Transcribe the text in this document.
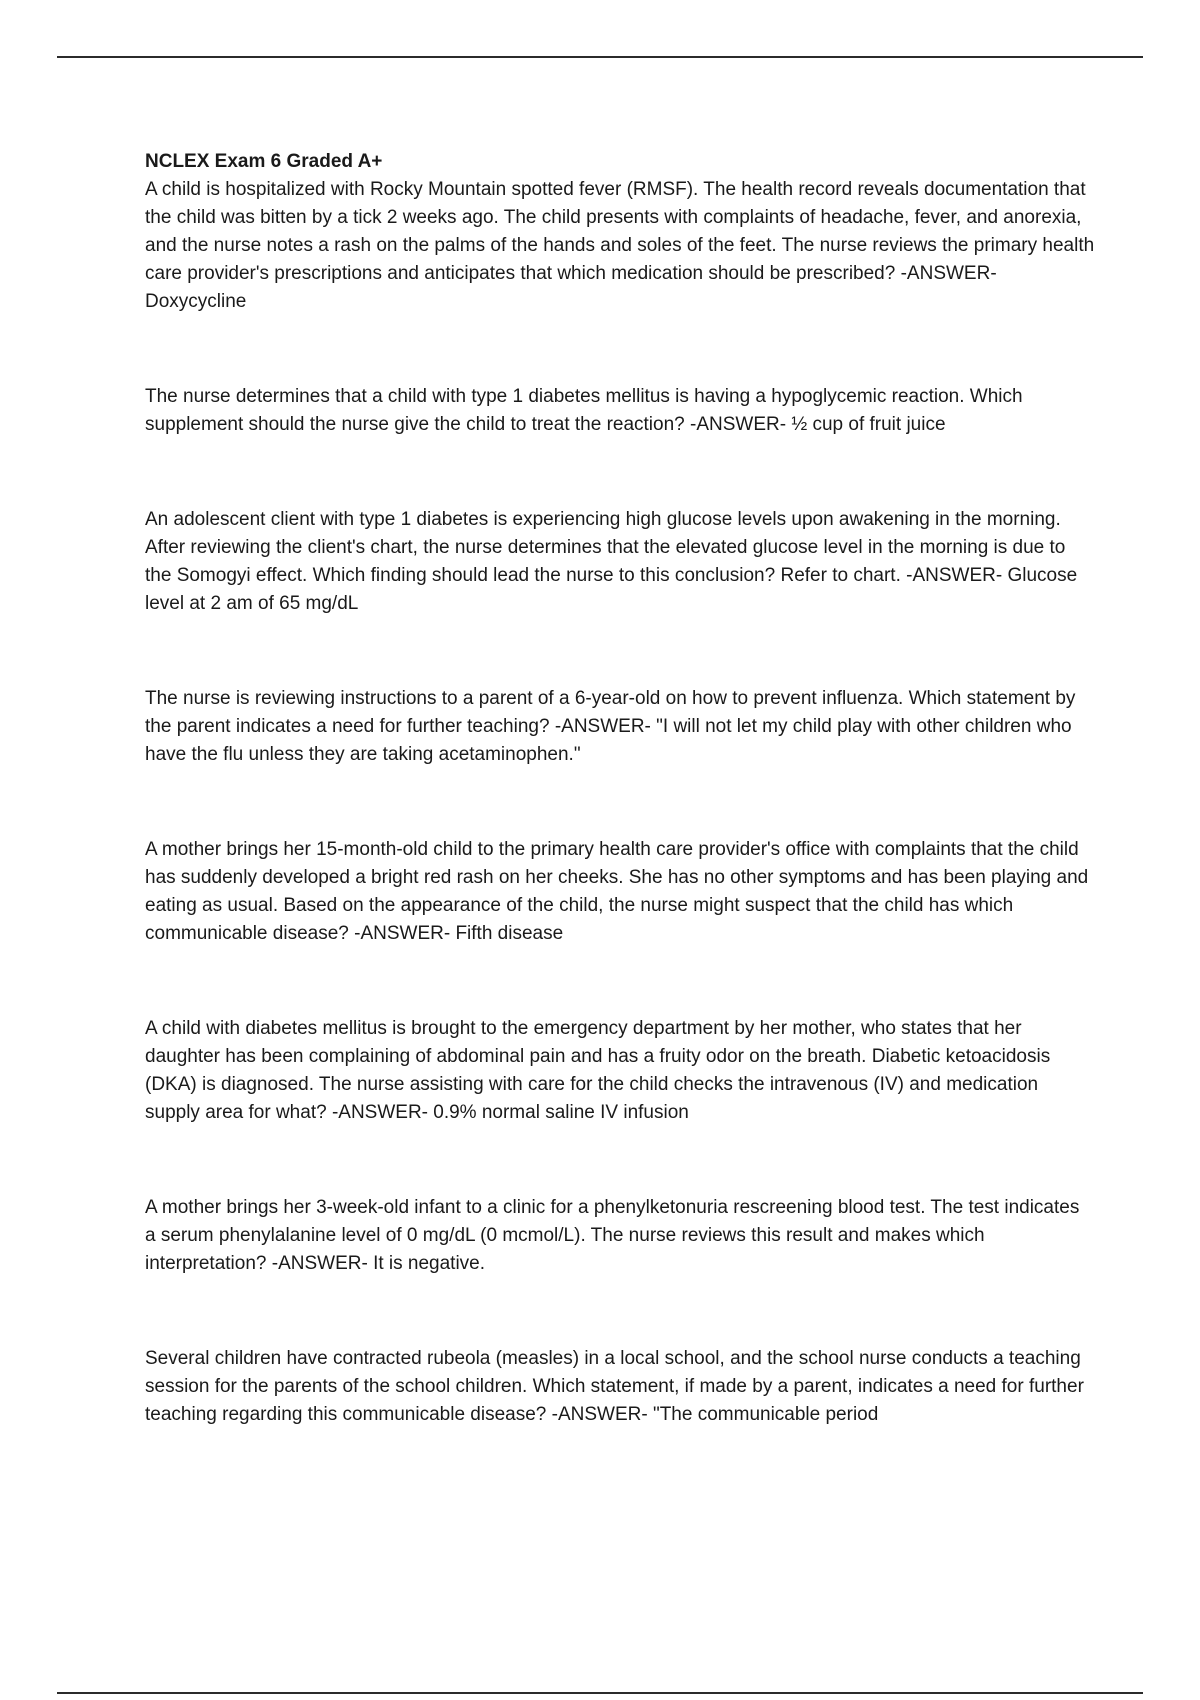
NCLEX Exam 6 Graded A+

A child is hospitalized with Rocky Mountain spotted fever (RMSF). The health record reveals documentation that the child was bitten by a tick 2 weeks ago. The child presents with complaints of headache, fever, and anorexia, and the nurse notes a rash on the palms of the hands and soles of the feet. The nurse reviews the primary health care provider's prescriptions and anticipates that which medication should be prescribed? -ANSWER- Doxycycline

The nurse determines that a child with type 1 diabetes mellitus is having a hypoglycemic reaction. Which supplement should the nurse give the child to treat the reaction? -ANSWER- ½ cup of fruit juice

An adolescent client with type 1 diabetes is experiencing high glucose levels upon awakening in the morning. After reviewing the client's chart, the nurse determines that the elevated glucose level in the morning is due to the Somogyi effect. Which finding should lead the nurse to this conclusion? Refer to chart. -ANSWER- Glucose level at 2 am of 65 mg/dL

The nurse is reviewing instructions to a parent of a 6-year-old on how to prevent influenza. Which statement by the parent indicates a need for further teaching? -ANSWER- "I will not let my child play with other children who have the flu unless they are taking acetaminophen."

A mother brings her 15-month-old child to the primary health care provider's office with complaints that the child has suddenly developed a bright red rash on her cheeks. She has no other symptoms and has been playing and eating as usual. Based on the appearance of the child, the nurse might suspect that the child has which communicable disease? -ANSWER- Fifth disease

A child with diabetes mellitus is brought to the emergency department by her mother, who states that her daughter has been complaining of abdominal pain and has a fruity odor on the breath. Diabetic ketoacidosis (DKA) is diagnosed. The nurse assisting with care for the child checks the intravenous (IV) and medication supply area for what? -ANSWER- 0.9% normal saline IV infusion

A mother brings her 3-week-old infant to a clinic for a phenylketonuria rescreening blood test. The test indicates a serum phenylalanine level of 0 mg/dL (0 mcmol/L). The nurse reviews this result and makes which interpretation? -ANSWER- It is negative.

Several children have contracted rubeola (measles) in a local school, and the school nurse conducts a teaching session for the parents of the school children. Which statement, if made by a parent, indicates a need for further teaching regarding this communicable disease? -ANSWER- "The communicable period
